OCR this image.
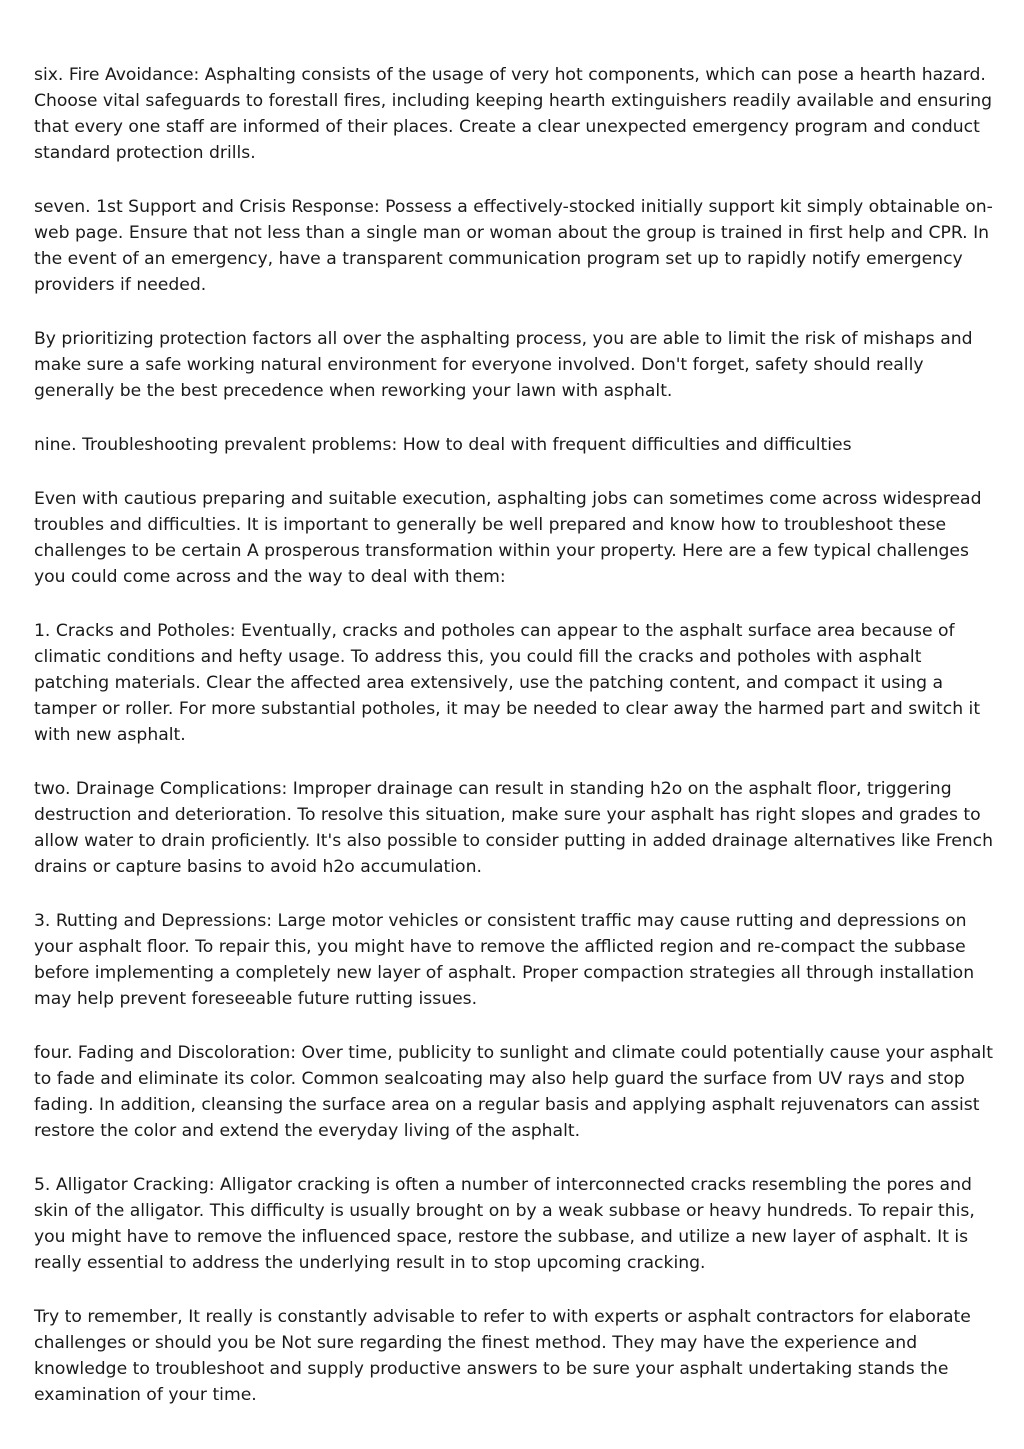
six. Fire Avoidance: Asphalting consists of the usage of very hot components, which can pose a hearth hazard. Choose vital safeguards to forestall fires, including keeping hearth extinguishers readily available and ensuring that every one staff are informed of their places. Create a clear unexpected emergency program and conduct standard protection drills.

seven. 1st Support and Crisis Response: Possess a effectively-stocked initially support kit simply obtainable on-web page. Ensure that not less than a single man or woman about the group is trained in first help and CPR. In the event of an emergency, have a transparent communication program set up to rapidly notify emergency providers if needed.

By prioritizing protection factors all over the asphalting process, you are able to limit the risk of mishaps and make sure a safe working natural environment for everyone involved. Don't forget, safety should really generally be the best precedence when reworking your lawn with asphalt.

nine. Troubleshooting prevalent problems: How to deal with frequent difficulties and difficulties

Even with cautious preparing and suitable execution, asphalting jobs can sometimes come across widespread troubles and difficulties. It is important to generally be well prepared and know how to troubleshoot these challenges to be certain A prosperous transformation within your property. Here are a few typical challenges you could come across and the way to deal with them:

1. Cracks and Potholes: Eventually, cracks and potholes can appear to the asphalt surface area because of climatic conditions and hefty usage. To address this, you could fill the cracks and potholes with asphalt patching materials. Clear the affected area extensively, use the patching content, and compact it using a tamper or roller. For more substantial potholes, it may be needed to clear away the harmed part and switch it with new asphalt.

two. Drainage Complications: Improper drainage can result in standing h2o on the asphalt floor, triggering destruction and deterioration. To resolve this situation, make sure your asphalt has right slopes and grades to allow water to drain proficiently. It's also possible to consider putting in added drainage alternatives like French drains or capture basins to avoid h2o accumulation.

3. Rutting and Depressions: Large motor vehicles or consistent traffic may cause rutting and depressions on your asphalt floor. To repair this, you might have to remove the afflicted region and re-compact the subbase before implementing a completely new layer of asphalt. Proper compaction strategies all through installation may help prevent foreseeable future rutting issues.

four. Fading and Discoloration: Over time, publicity to sunlight and climate could potentially cause your asphalt to fade and eliminate its color. Common sealcoating may also help guard the surface from UV rays and stop fading. In addition, cleansing the surface area on a regular basis and applying asphalt rejuvenators can assist restore the color and extend the everyday living of the asphalt.

5. Alligator Cracking: Alligator cracking is often a number of interconnected cracks resembling the pores and skin of the alligator. This difficulty is usually brought on by a weak subbase or heavy hundreds. To repair this, you might have to remove the influenced space, restore the subbase, and utilize a new layer of asphalt. It is really essential to address the underlying result in to stop upcoming cracking.

Try to remember, It really is constantly advisable to refer to with experts or asphalt contractors for elaborate challenges or should you be Not sure regarding the finest method. They may have the experience and knowledge to troubleshoot and supply productive answers to be sure your asphalt undertaking stands the examination of your time.
